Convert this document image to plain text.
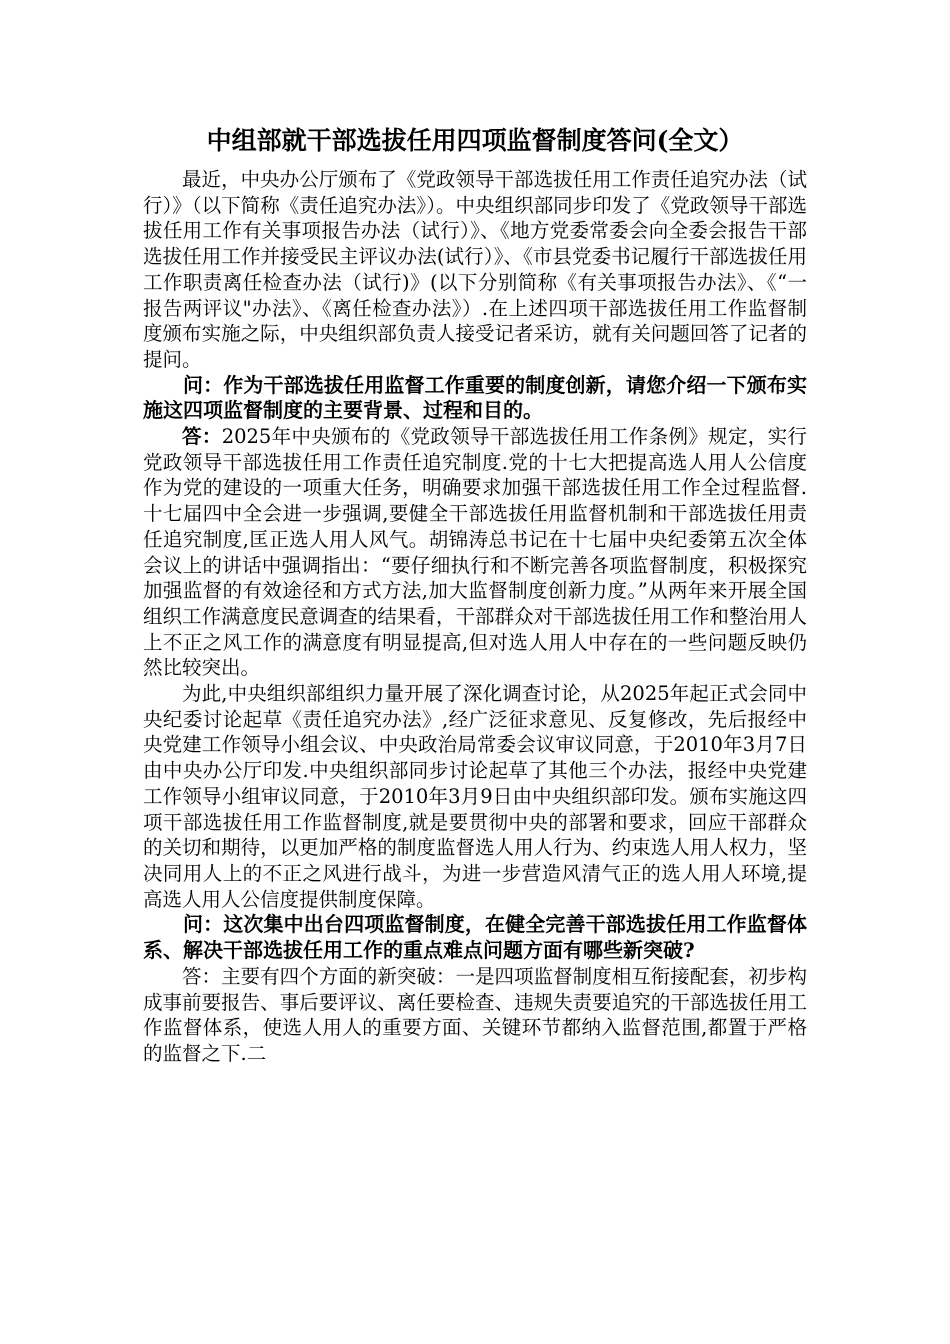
中组部就干部选拔任用四项监督制度答问(全文）

最近，中央办公厅颁布了《党政领导干部选拔任用工作责任追究办法（试行）》（以下简称《责任追究办法》）。中央组织部同步印发了《党政领导干部选拔任用工作有关事项报告办法（试行）》、《地方党委常委会向全委会报告干部选拔任用工作并接受民主评议办法(试行）》、《市县党委书记履行干部选拔任用工作职责离任检查办法（试行)》(以下分别简称《有关事项报告办法》、《“一报告两评议"办法》、《离任检查办法》）.在上述四项干部选拔任用工作监督制度颁布实施之际，中央组织部负责人接受记者采访，就有关问题回答了记者的提问。

问：作为干部选拔任用监督工作重要的制度创新，请您介绍一下颁布实施这四项监督制度的主要背景、过程和目的。

答：2025年中央颁布的《党政领导干部选拔任用工作条例》规定，实行党政领导干部选拔任用工作责任追究制度.党的十七大把提高选人用人公信度作为党的建设的一项重大任务，明确要求加强干部选拔任用工作全过程监督.十七届四中全会进一步强调,要健全干部选拔任用监督机制和干部选拔任用责任追究制度,匡正选人用人风气。胡锦涛总书记在十七届中央纪委第五次全体会议上的讲话中强调指出：“要仔细执行和不断完善各项监督制度，积极探究加强监督的有效途径和方式方法,加大监督制度创新力度。”从两年来开展全国组织工作满意度民意调查的结果看，干部群众对干部选拔任用工作和整治用人上不正之风工作的满意度有明显提高,但对选人用人中存在的一些问题反映仍然比较突出。

为此,中央组织部组织力量开展了深化调查讨论，从2025年起正式会同中央纪委讨论起草《责任追究办法》,经广泛征求意见、反复修改，先后报经中央党建工作领导小组会议、中央政治局常委会议审议同意，于2010年3月7日由中央办公厅印发.中央组织部同步讨论起草了其他三个办法，报经中央党建工作领导小组审议同意，于2010年3月9日由中央组织部印发。颁布实施这四项干部选拔任用工作监督制度,就是要贯彻中央的部署和要求，回应干部群众的关切和期待，以更加严格的制度监督选人用人行为、约束选人用人权力，坚决同用人上的不正之风进行战斗，为进一步营造风清气正的选人用人环境,提高选人用人公信度提供制度保障。

问：这次集中出台四项监督制度，在健全完善干部选拔任用工作监督体系、解决干部选拔任用工作的重点难点问题方面有哪些新突破?

答：主要有四个方面的新突破：一是四项监督制度相互衔接配套，初步构成事前要报告、事后要评议、离任要检查、违规失责要追究的干部选拔任用工作监督体系，使选人用人的重要方面、关键环节都纳入监督范围,都置于严格的监督之下.二
